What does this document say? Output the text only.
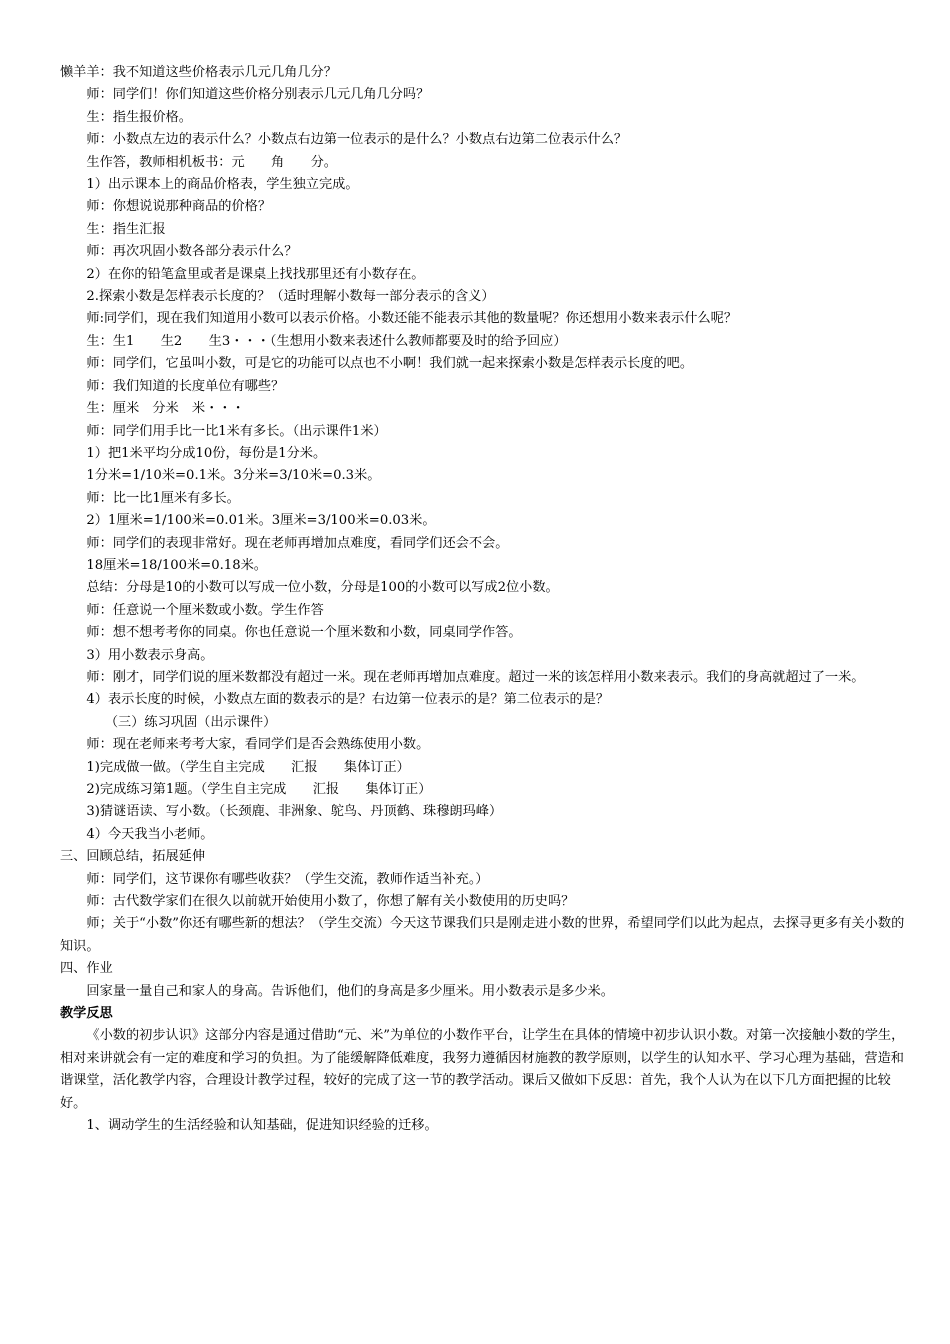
懒羊羊：我不知道这些价格表示几元几角几分？

师：同学们！你们知道这些价格分别表示几元几角几分吗？

生：指生报价格。

师：小数点左边的表示什么？小数点右边第一位表示的是什么？小数点右边第二位表示什么？

生作答，教师相机板书：元　　角　　分。

1）出示课本上的商品价格表，学生独立完成。

师：你想说说那种商品的价格？

生：指生汇报

师：再次巩固小数各部分表示什么？

2）在你的铅笔盒里或者是课桌上找找那里还有小数存在。

2.探索小数是怎样表示长度的？（适时理解小数每一部分表示的含义）

师:同学们，现在我们知道用小数可以表示价格。小数还能不能表示其他的数量呢？你还想用小数来表示什么呢？

生：生1　　生2　　生3・・・（生想用小数来表述什么教师都要及时的给予回应）

师：同学们，它虽叫小数，可是它的功能可以点也不小啊！我们就一起来探索小数是怎样表示长度的吧。

师：我们知道的长度单位有哪些？

生：厘米　分米　米・・・

师：同学们用手比一比1米有多长。（出示课件1米）

1）把1米平均分成10份，每份是1分米。

1分米=1/10米=0.1米。3分米=3/10米=0.3米。

师：比一比1厘米有多长。

2）1厘米=1/100米=0.01米。3厘米=3/100米=0.03米。

师：同学们的表现非常好。现在老师再增加点难度，看同学们还会不会。

18厘米=18/100米=0.18米。

总结：分母是10的小数可以写成一位小数，分母是100的小数可以写成2位小数。

师：任意说一个厘米数或小数。学生作答

师：想不想考考你的同桌。你也任意说一个厘米数和小数，同桌同学作答。

3）用小数表示身高。

师：刚才，同学们说的厘米数都没有超过一米。现在老师再增加点难度。超过一米的该怎样用小数来表示。我们的身高就超过了一米。

4）表示长度的时候，小数点左面的数表示的是？右边第一位表示的是？第二位表示的是？

（三）练习巩固（出示课件）

师：现在老师来考考大家，看同学们是否会熟练使用小数。

1)完成做一做。（学生自主完成　　汇报　　集体订正）

2)完成练习第1题。（学生自主完成　　汇报　　集体订正）

3)猜谜语读、写小数。（长颈鹿、非洲象、鸵鸟、丹顶鹤、珠穆朗玛峰）

4）今天我当小老师。

三、回顾总结，拓展延伸

师：同学们，这节课你有哪些收获？（学生交流，教师作适当补充。）

师：古代数学家们在很久以前就开始使用小数了，你想了解有关小数使用的历史吗？

师；关于“小数”你还有哪些新的想法？（学生交流）今天这节课我们只是刚走进小数的世界，希望同学们以此为起点，去探寻更多有关小数的知识。

四、作业

回家量一量自己和家人的身高。告诉他们，他们的身高是多少厘米。用小数表示是多少米。

教学反思

《小数的初步认识》这部分内容是通过借助“元、米”为单位的小数作平台，让学生在具体的情境中初步认识小数。对第一次接触小数的学生，相对来讲就会有一定的难度和学习的负担。为了能缓解降低难度，我努力遵循因材施教的教学原则，以学生的认知水平、学习心理为基础，营造和谐课堂，活化教学内容，合理设计教学过程，较好的完成了这一节的教学活动。课后又做如下反思：首先，我个人认为在以下几方面把握的比较好。

1、调动学生的生活经验和认知基础，促进知识经验的迁移。
